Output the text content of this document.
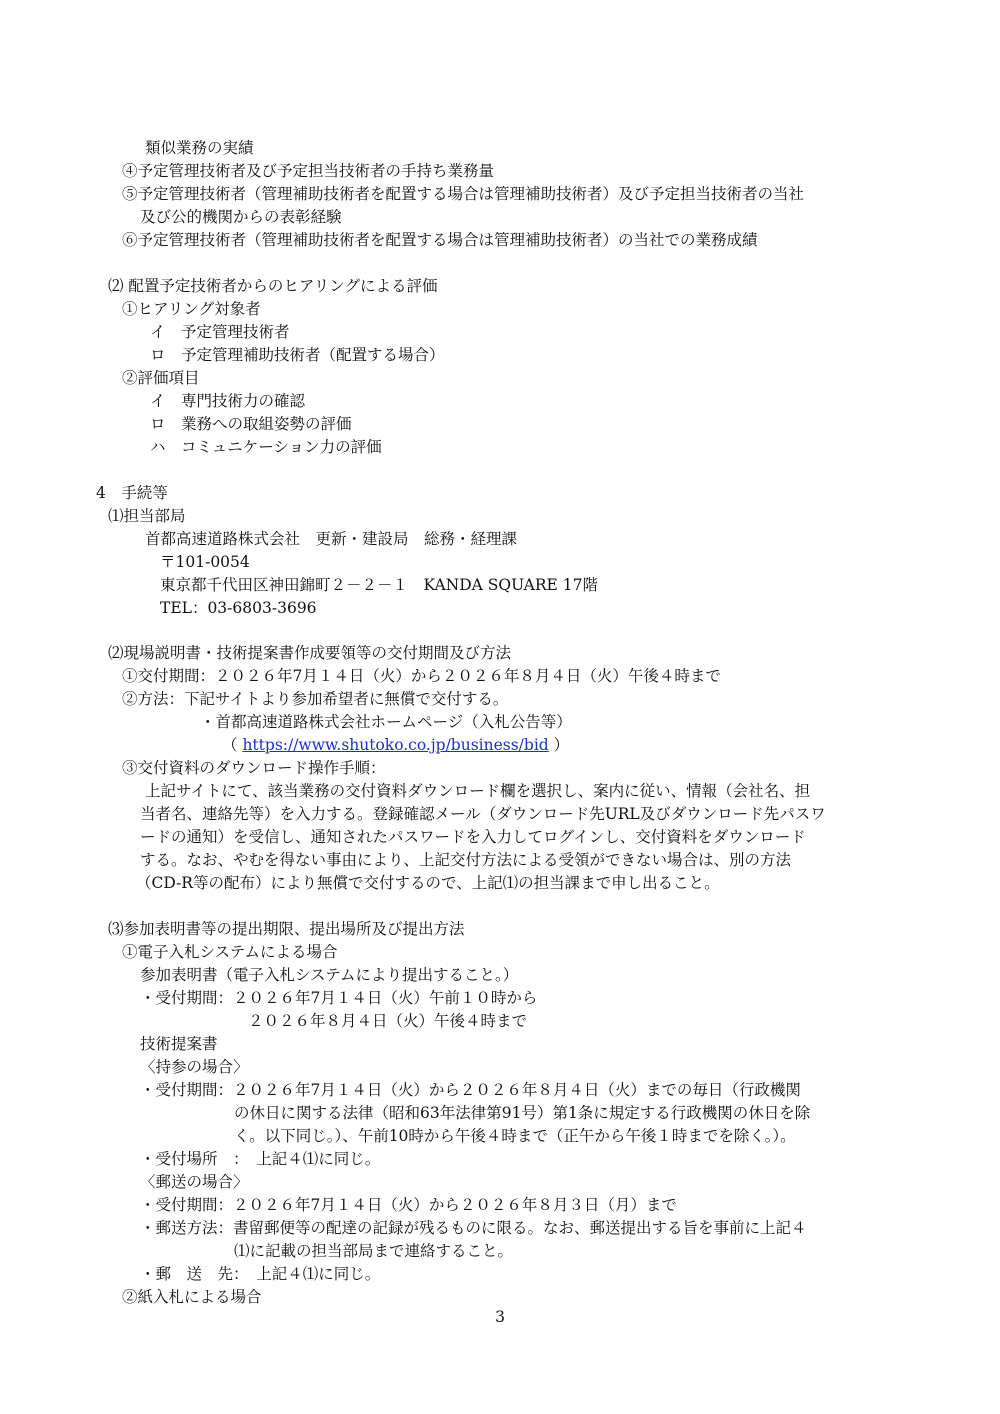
類似業務の実績
④予定管理技術者及び予定担当技術者の手持ち業務量
⑤予定管理技術者（管理補助技術者を配置する場合は管理補助技術者）及び予定担当技術者の当社
及び公的機関からの表彰経験
⑥予定管理技術者（管理補助技術者を配置する場合は管理補助技術者）の当社での業務成績
⑵ 配置予定技術者からのヒアリングによる評価
①ヒアリング対象者
イ　予定管理技術者
ロ　予定管理補助技術者（配置する場合）
②評価項目
イ　専門技術力の確認
ロ　業務への取組姿勢の評価
ハ　コミュニケーション力の評価
4　手続等
⑴担当部局
首都高速道路株式会社　更新・建設局　総務・経理課
〒101-0054
東京都千代田区神田錦町２－２－１　KANDA SQUARE 17階
TEL：03-6803-3696
⑵現場説明書・技術提案書作成要領等の交付期間及び方法
①交付期間：２０２６年7月１４日（火）から２０２６年８月４日（火）午後４時まで
②方法：下記サイトより参加希望者に無償で交付する。
・首都高速道路株式会社ホームページ（入札公告等）
（ https://www.shutoko.co.jp/business/bid ）
③交付資料のダウンロード操作手順：
上記サイトにて、該当業務の交付資料ダウンロード欄を選択し、案内に従い、情報（会社名、担
当者名、連絡先等）を入力する。登録確認メール（ダウンロード先URL及びダウンロード先パスワ
ードの通知）を受信し、通知されたパスワードを入力してログインし、交付資料をダウンロード
する。なお、やむを得ない事由により、上記交付方法による受領ができない場合は、別の方法
（CD-R等の配布）により無償で交付するので、上記⑴の担当課まで申し出ること。
⑶参加表明書等の提出期限、提出場所及び提出方法
①電子入札システムによる場合
参加表明書（電子入札システムにより提出すること。）
・受付期間：２０２６年7月１４日（火）午前１０時から
２０２６年８月４日（火）午後４時まで
技術提案書
〈持参の場合〉
・受付期間：２０２６年7月１４日（火）から２０２６年８月４日（火）までの毎日（行政機関
の休日に関する法律（昭和63年法律第91号）第1条に規定する行政機関の休日を除
く。以下同じ。）、午前10時から午後４時まで（正午から午後１時までを除く。）。
・受付場所　：　上記４⑴に同じ。
〈郵送の場合〉
・受付期間：２０２６年7月１４日（火）から２０２６年８月３日（月）まで
・郵送方法：書留郵便等の配達の記録が残るものに限る。なお、郵送提出する旨を事前に上記４
⑴に記載の担当部局まで連絡すること。
・郵　送　先：　上記４⑴に同じ。
②紙入札による場合
3
